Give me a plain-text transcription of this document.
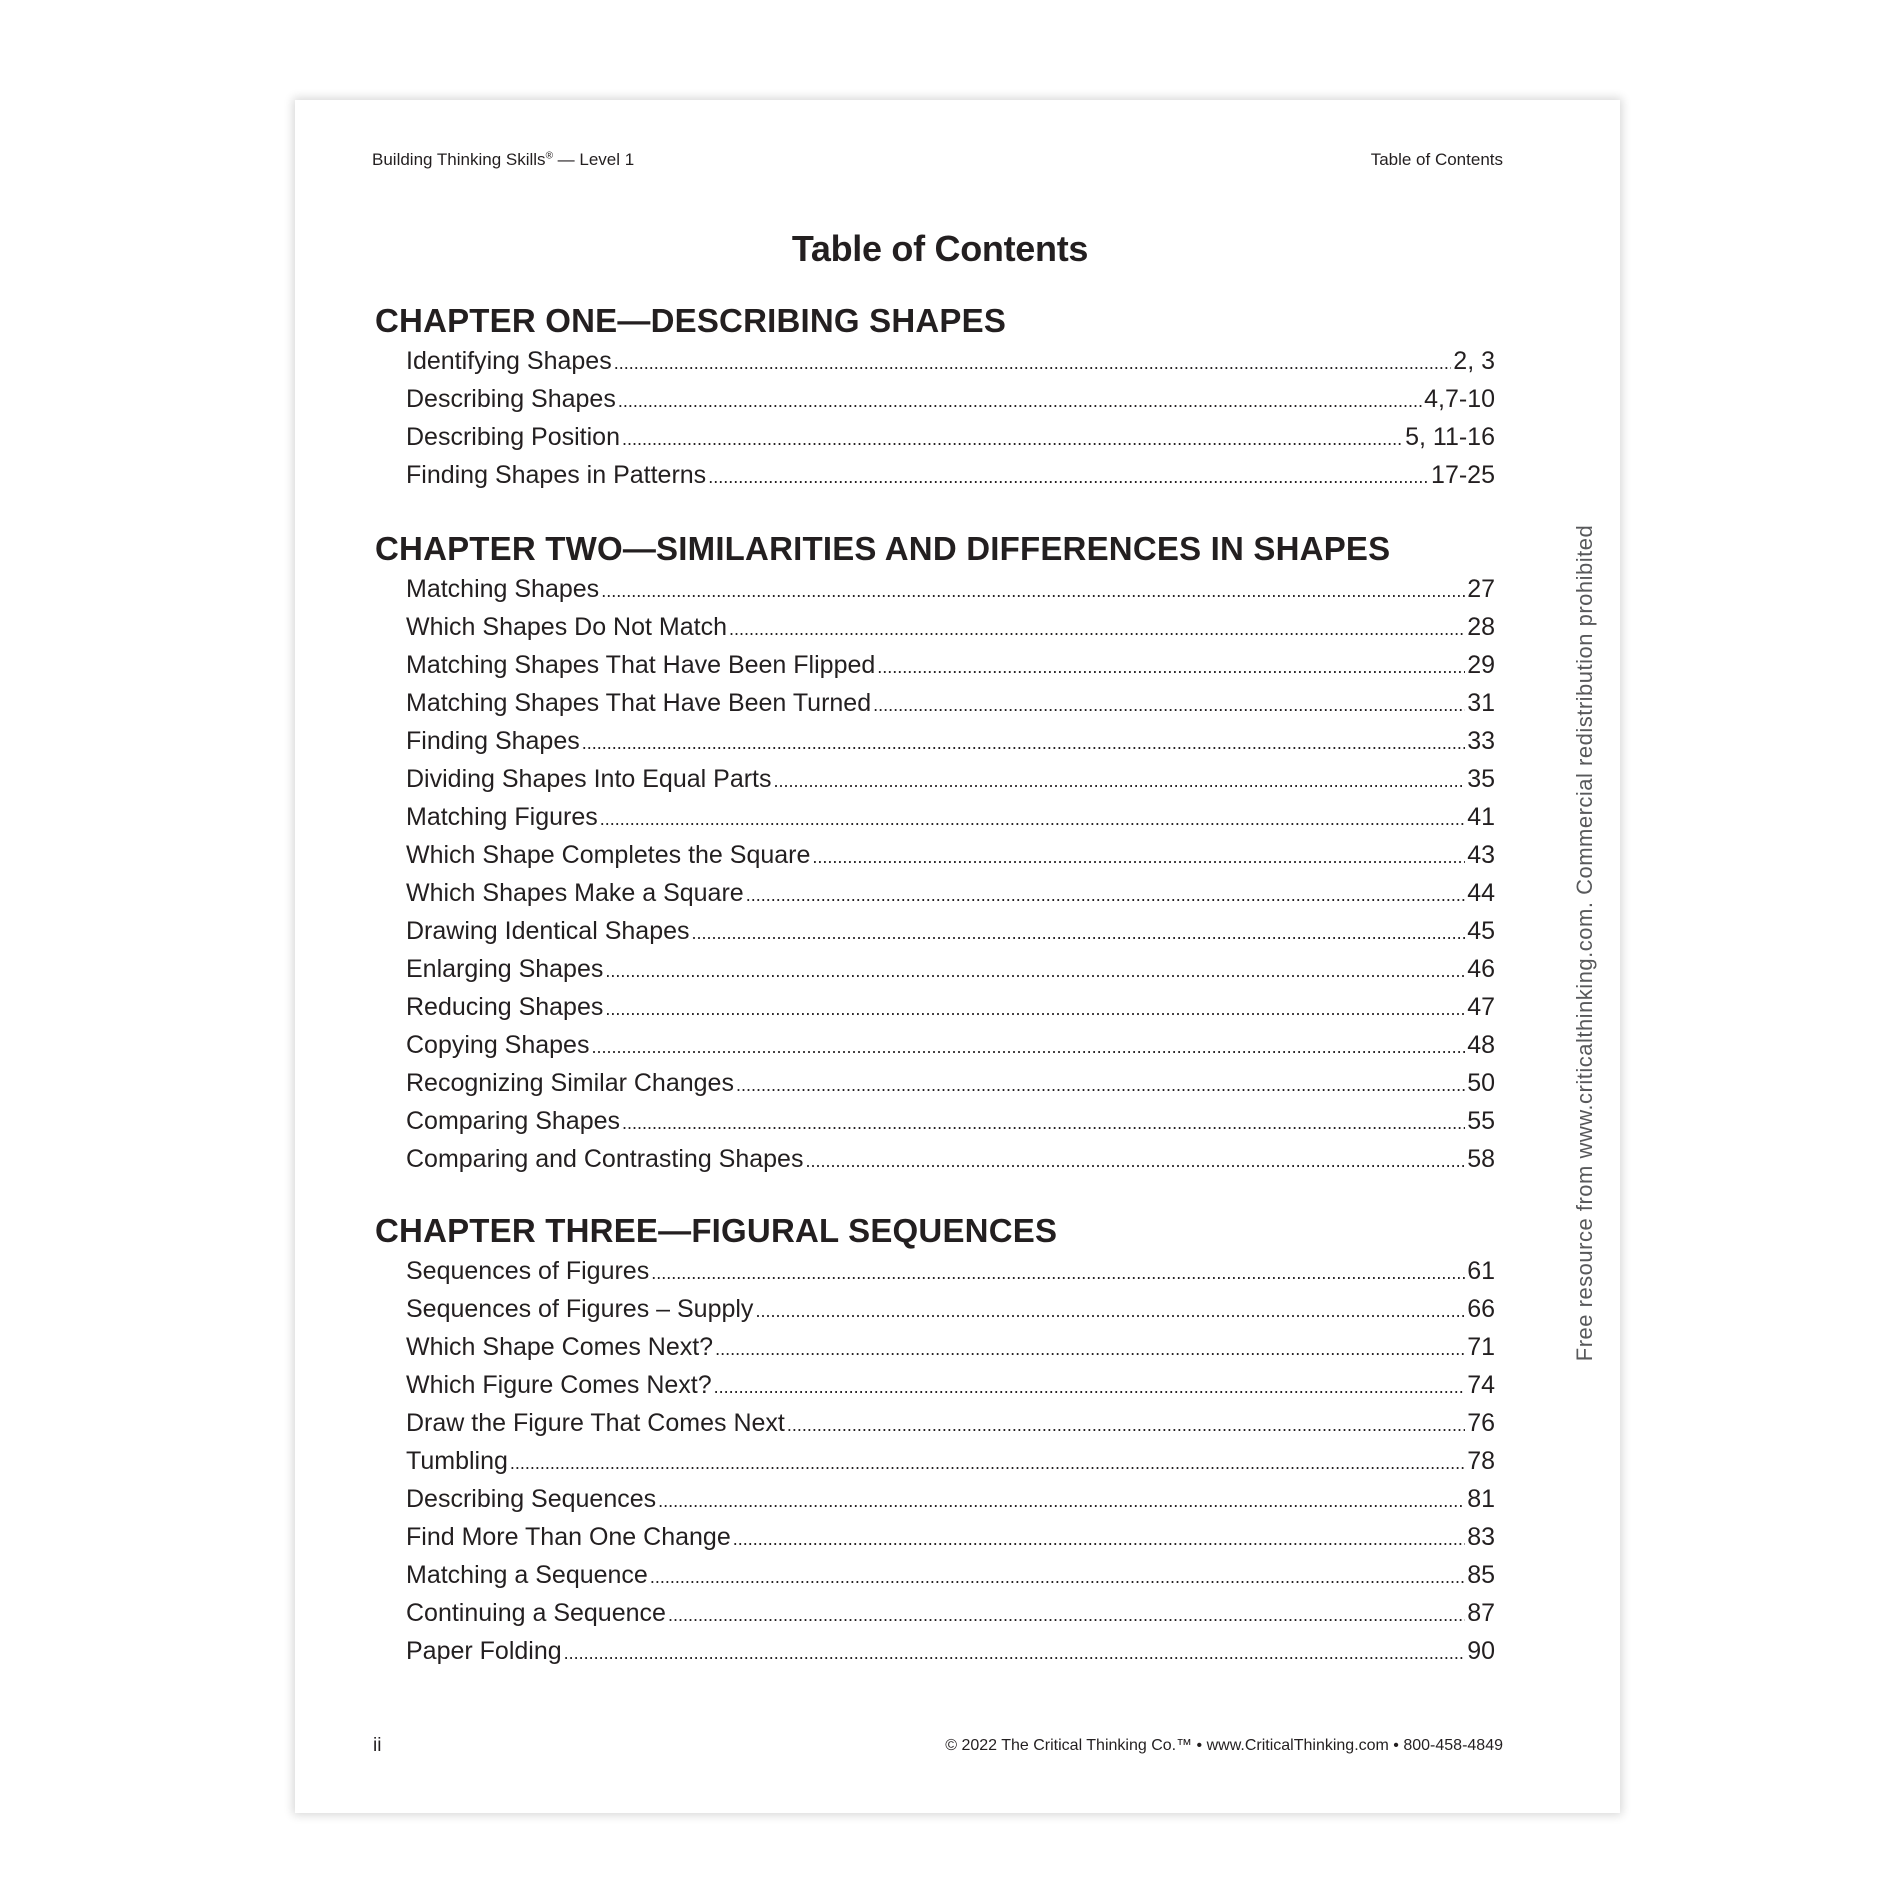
Building Thinking Skills® — Level 1	Table of Contents
Table of Contents
CHAPTER ONE—DESCRIBING SHAPES
Identifying Shapes .....	2, 3
Describing Shapes .....	4,7-10
Describing Position .....	5, 11-16
Finding Shapes in Patterns .....	17-25
CHAPTER TWO—SIMILARITIES AND DIFFERENCES IN SHAPES
Matching Shapes .....	27
Which Shapes Do Not Match .....	28
Matching Shapes That Have Been Flipped .....	29
Matching Shapes That Have Been Turned .....	31
Finding Shapes .....	33
Dividing Shapes Into Equal Parts .....	35
Matching Figures .....	41
Which Shape Completes the Square .....	43
Which Shapes Make a Square .....	44
Drawing Identical Shapes .....	45
Enlarging Shapes .....	46
Reducing Shapes .....	47
Copying Shapes .....	48
Recognizing Similar Changes .....	50
Comparing Shapes .....	55
Comparing and Contrasting Shapes .....	58
CHAPTER THREE—FIGURAL SEQUENCES
Sequences of Figures .....	61
Sequences of Figures – Supply .....	66
Which Shape Comes Next? .....	71
Which Figure Comes Next? .....	74
Draw the Figure That Comes Next .....	76
Tumbling .....	78
Describing Sequences .....	81
Find More Than One Change .....	83
Matching a Sequence .....	85
Continuing a Sequence .....	87
Paper Folding .....	90
ii	© 2022 The Critical Thinking Co.™ • www.CriticalThinking.com • 800-458-4849
Free resource from www.criticalthinking.com. Commercial redistribution prohibited
